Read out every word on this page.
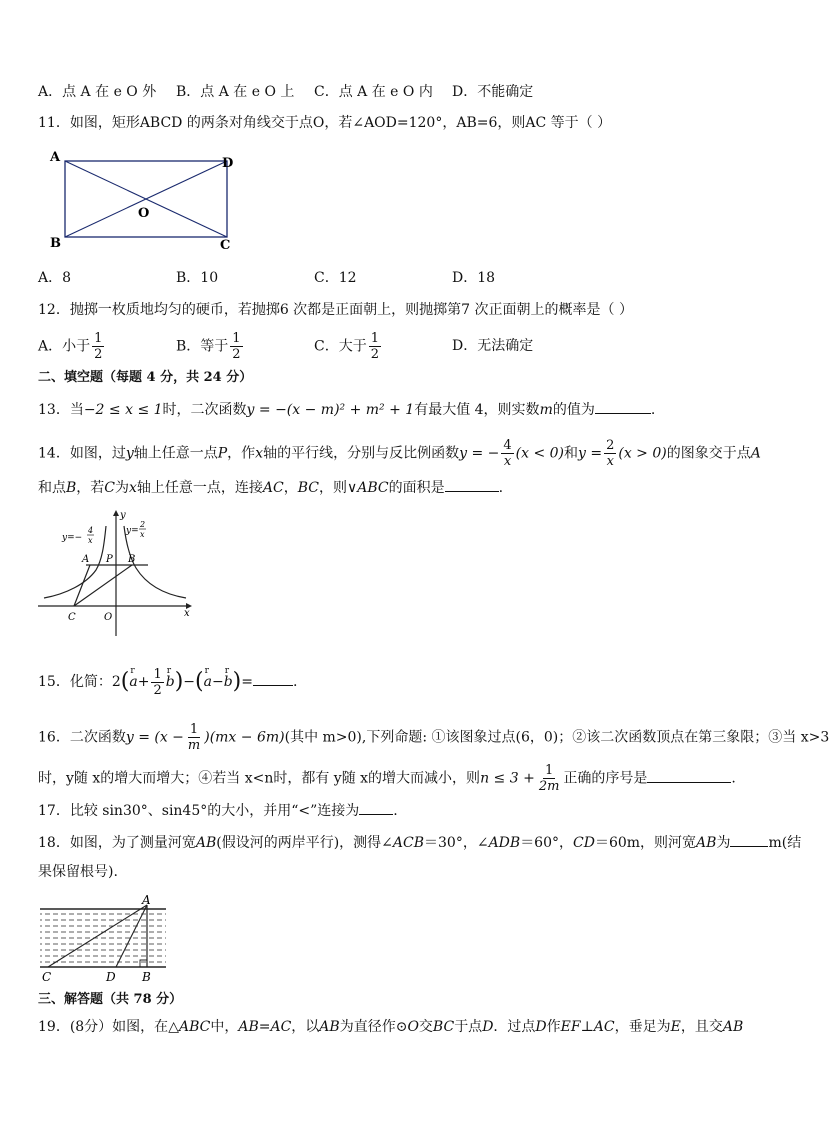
A．点 A 在 e O 外 B．点 A 在 e O 上 C．点 A 在 e O 内 D．不能确定
11．如图，矩形ABCD 的两条对角线交于点O，若∠AOD=120°，AB=6，则AC 等于（ ）
A
B	C
D
O
A．8	B．10	C．12	D．18
12．抛掷一枚质地均匀的硬币，若抛掷6 次都是正面朝上，则抛掷第7 次正面朝上的概率是（ ）
A．小于 $\frac{1}{2}$	B．等于 $\frac{1}{2}$	C．大于 $\frac{1}{2}$	D．无法确定
二、填空题（每题 4 分，共 24 分）
13．当−2 ≤ x ≤ 1时，二次函数y = −(x − m)² + m² + 1有最大值 4，则实数m的值为	.
14．如图，过y轴上任意一点P，作x轴的平行线，分别与反比例函数y = − $\frac{4}{x} (x < 0)$和$y = \frac{2}{x} (x > 0)$的图象交于点A
和点B，若C为x轴上任意一点，连接AC，BC，则∨ABC的面积是	.
y=−
4
x
y=
2
x
A P B
C	O	x
y
15．化简：2(r $a+ \frac{1}{2}$
r b)−(r a−r b)=	.
16．二次函数$y = (x - \frac{1}{m} )(mx - 6m)$(其中 m>0),下列命题: ①该图象过点(6，0)；②该二次函数顶点在第三象限；③当 x>3
时，y随 x的增大而增大；④若当 x<n时，都有 y随 x的增大而减小，则$n \le 3 + \frac{1}{2m}$ 正确的序号是	.
17．比较 sin30°、sin45°的大小，并用“<”连接为 .
18．如图，为了测量河宽AB(假设河的两岸平行)，测得∠ACB＝30°，∠ADB＝60°，CD＝60m，则河宽AB为	m(结
果保留根号).
A
B
C	D
三、解答题（共 78 分）
19．(8分）如图，在△ABC中，AB=AC，以AB为直径作⊙O交BC于点D．过点D作EF⊥AC，垂足为E，且交AB
